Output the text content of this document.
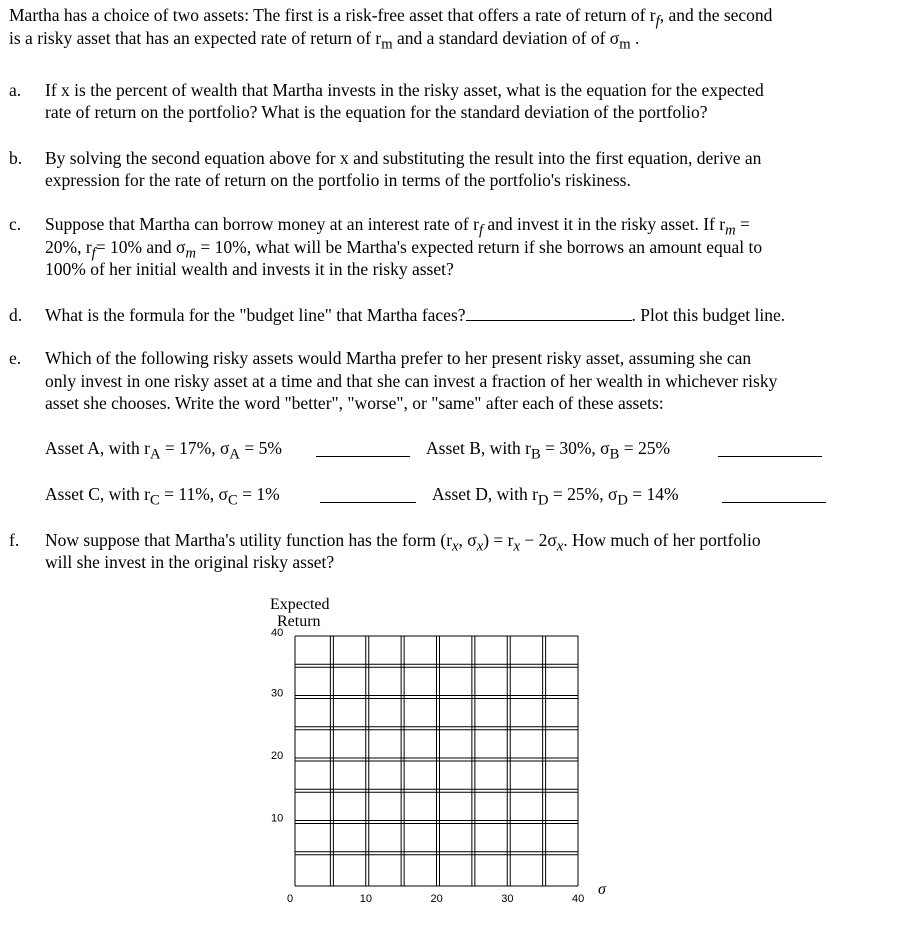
Martha has a choice of two assets: The first is a risk-free asset that offers a rate of return of $r_f$, and the second
is a risky asset that has an expected rate of return of $r_m$ and a standard deviation of of $\sigma_m$ .
a. If x is the percent of wealth that Martha invests in the risky asset, what is the equation for the expected
rate of return on the portfolio? What is the equation for the standard deviation of the portfolio?
b. By solving the second equation above for x and substituting the result into the first equation, derive an
expression for the rate of return on the portfolio in terms of the portfolio's riskiness.
c. Suppose that Martha can borrow money at an interest rate of $r_f$ and invest it in the risky asset. If $r_m$ =
20%, $r_f= 10\%$ and $\sigma_m = 10\%$, what will be Martha's expected return if she borrows an amount equal to
100% of her initial wealth and invests it in the risky asset?
d. What is the formula for the "budget line" that Martha faces?	. Plot this budget line.
e. Which of the following risky assets would Martha prefer to her present risky asset, assuming she can
only invest in one risky asset at a time and that she can invest a fraction of her wealth in whichever risky
asset she chooses. Write the word "better", "worse", or "same" after each of these assets:
Asset A, with $r_A = 17\%$, $\sigma_A = 5\%$	Asset B, with $r_B = 30\%$, $\sigma_B = 25\%$
Asset C, with $r_C = 11\%$, $\sigma_C = 1\%$	Asset D, with $r_D = 25\%$, $\sigma_D = 14\%$
f. Now suppose that Martha's utility function has the form ($r_x$, $\sigma_x) = r_x - 2\sigma_x$. How much of her portfolio
will she invest in the original risky asset?
Expected
Return
σ
0	10	20	30	40
40
30
20
10
